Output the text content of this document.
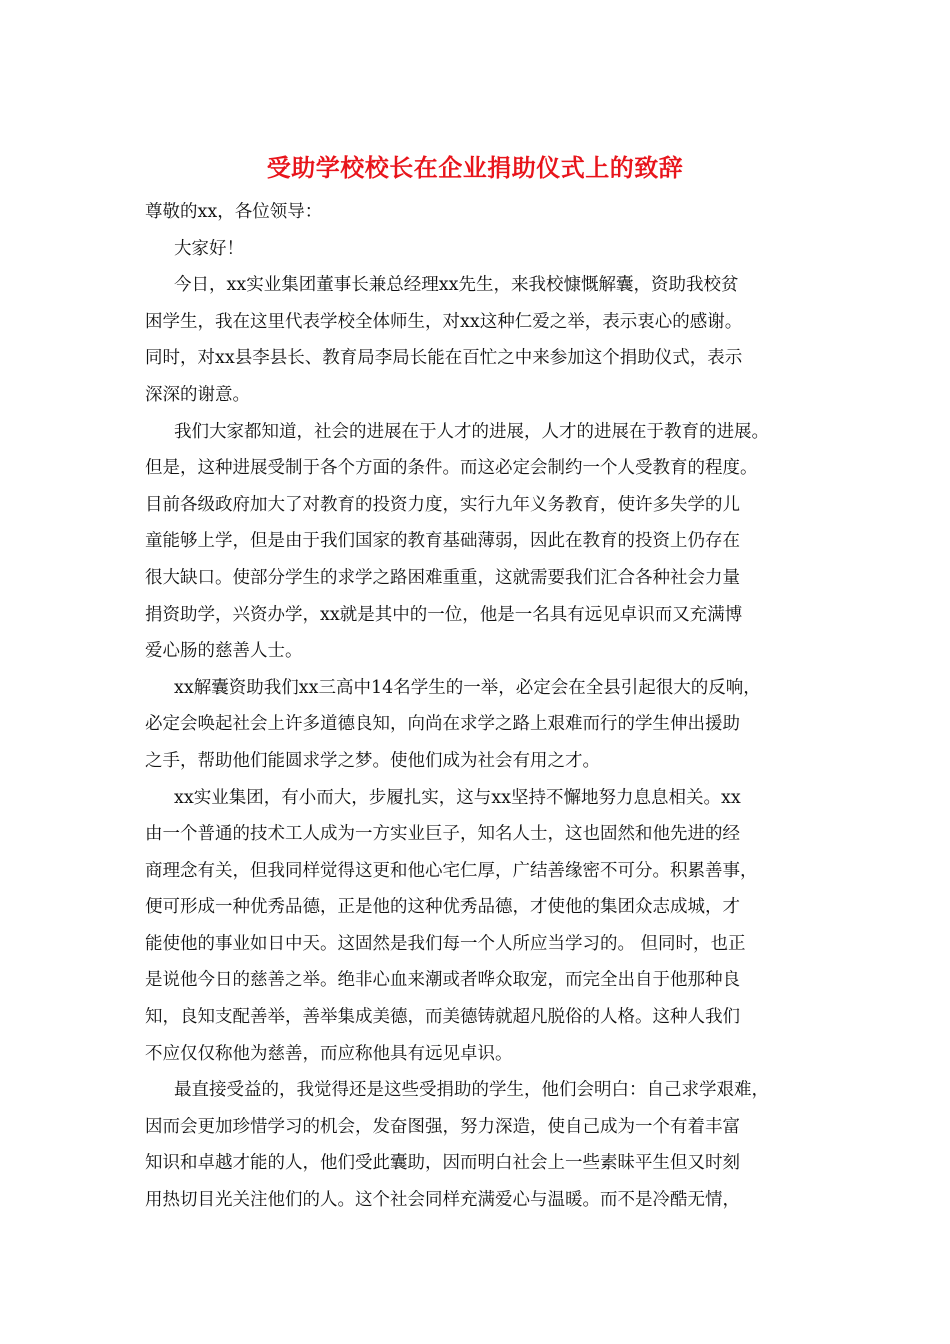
受助学校校长在企业捐助仪式上的致辞
尊敬的xx，各位领导：
大家好！
今日，xx实业集团董事长兼总经理xx先生，来我校慷慨解囊，资助我校贫
困学生，我在这里代表学校全体师生，对xx这种仁爱之举，表示衷心的感谢。
同时，对xx县李县长、教育局李局长能在百忙之中来参加这个捐助仪式，表示
深深的谢意。
我们大家都知道，社会的进展在于人才的进展，人才的进展在于教育的进展。
但是，这种进展受制于各个方面的条件。而这必定会制约一个人受教育的程度。
目前各级政府加大了对教育的投资力度，实行九年义务教育，使许多失学的儿
童能够上学，但是由于我们国家的教育基础薄弱，因此在教育的投资上仍存在
很大缺口。使部分学生的求学之路困难重重，这就需要我们汇合各种社会力量
捐资助学，兴资办学，xx就是其中的一位，他是一名具有远见卓识而又充满博
爱心肠的慈善人士。
xx解囊资助我们xx三高中14名学生的一举，必定会在全县引起很大的反响，
必定会唤起社会上许多道德良知，向尚在求学之路上艰难而行的学生伸出援助
之手，帮助他们能圆求学之梦。使他们成为社会有用之才。
xx实业集团，有小而大，步履扎实，这与xx坚持不懈地努力息息相关。xx
由一个普通的技术工人成为一方实业巨子，知名人士，这也固然和他先进的经
商理念有关，但我同样觉得这更和他心宅仁厚，广结善缘密不可分。积累善事，
便可形成一种优秀品德，正是他的这种优秀品德，才使他的集团众志成城，才
能使他的事业如日中天。这固然是我们每一个人所应当学习的。 但同时，也正
是说他今日的慈善之举。绝非心血来潮或者哗众取宠，而完全出自于他那种良
知，良知支配善举，善举集成美德，而美德铸就超凡脱俗的人格。这种人我们
不应仅仅称他为慈善，而应称他具有远见卓识。
最直接受益的，我觉得还是这些受捐助的学生，他们会明白：自己求学艰难，
因而会更加珍惜学习的机会，发奋图强，努力深造，使自己成为一个有着丰富
知识和卓越才能的人，他们受此囊助，因而明白社会上一些素昧平生但又时刻
用热切目光关注他们的人。这个社会同样充满爱心与温暖。而不是冷酷无情，
